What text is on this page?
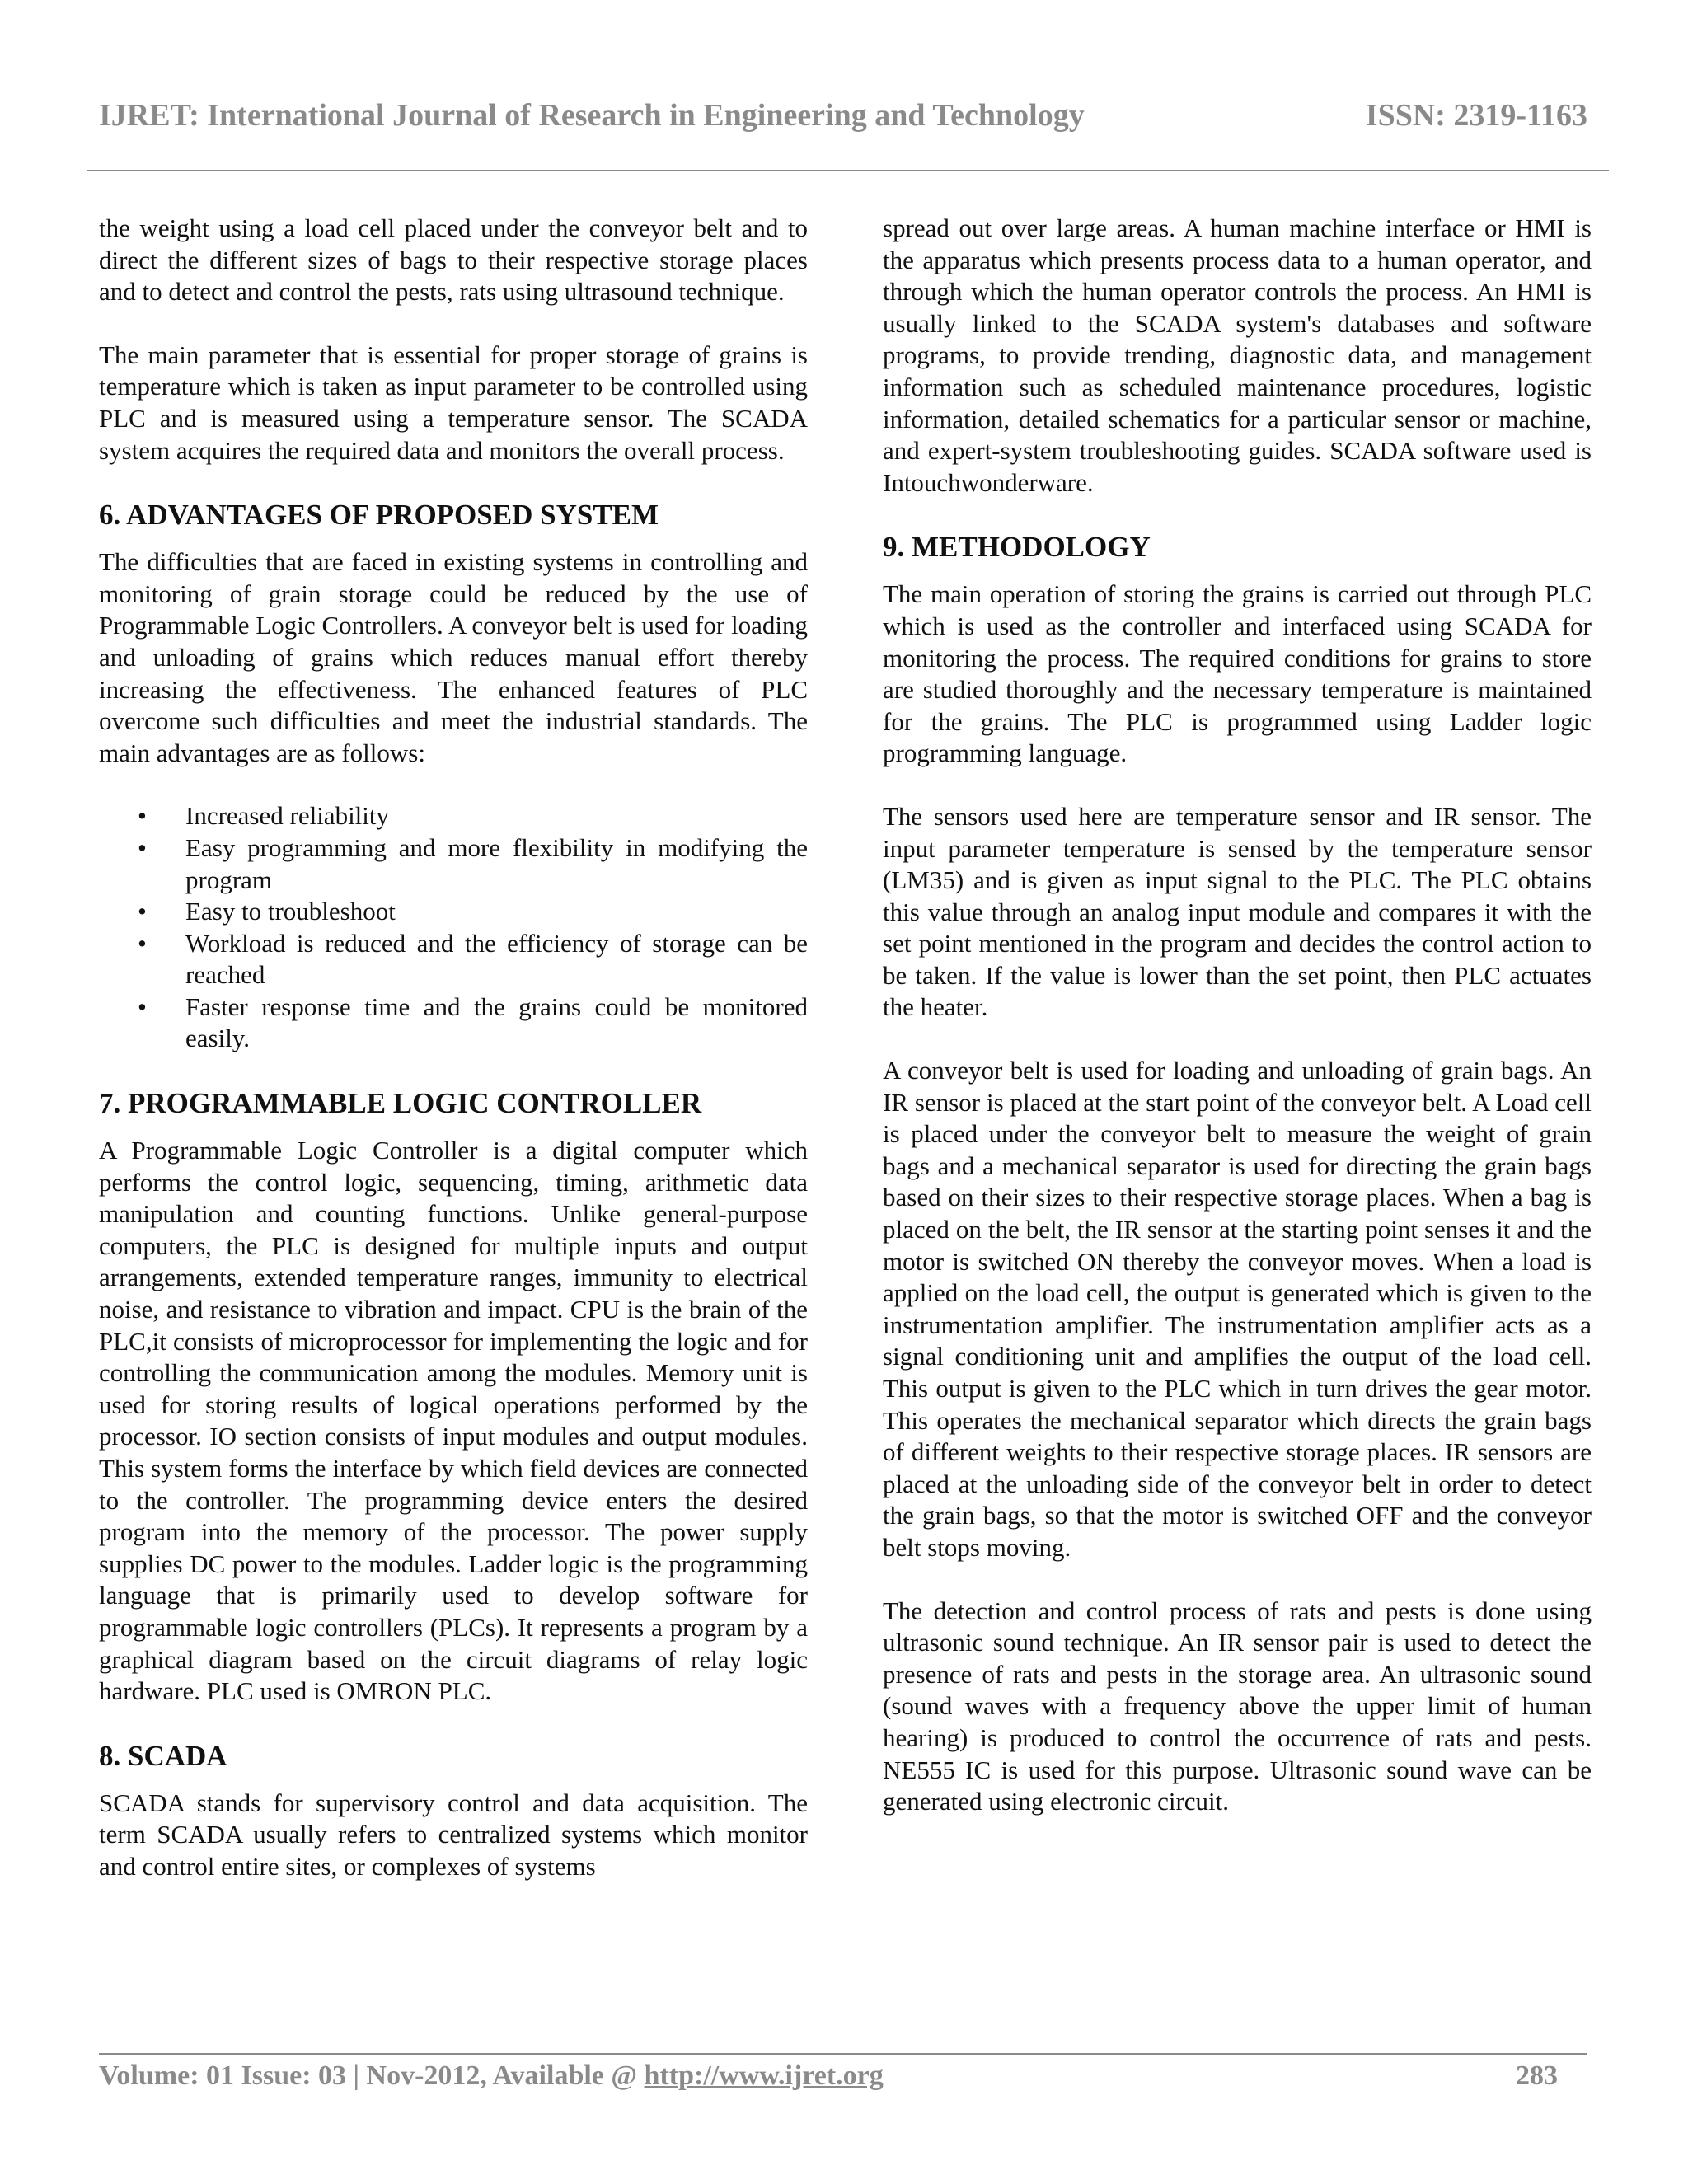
IJRET: International Journal of Research in Engineering and Technology	ISSN: 2319-1163

the weight using a load cell placed under the conveyor belt and to direct the different sizes of bags to their respective storage places and to detect and control the pests, rats using ultrasound technique.

The main parameter that is essential for proper storage of grains is temperature which is taken as input parameter to be controlled using PLC and is measured using a temperature sensor. The SCADA system acquires the required data and monitors the overall process.

6. ADVANTAGES OF PROPOSED SYSTEM

The difficulties that are faced in existing systems in controlling and monitoring of grain storage could be reduced by the use of Programmable Logic Controllers. A conveyor belt is used for loading and unloading of grains which reduces manual effort thereby increasing the effectiveness. The enhanced features of PLC overcome such difficulties and meet the industrial standards. The main advantages are as follows:

• Increased reliability
• Easy programming and more flexibility in modifying the program
• Easy to troubleshoot
• Workload is reduced and the efficiency of storage can be reached
• Faster response time and the grains could be monitored easily.
7. PROGRAMMABLE LOGIC CONTROLLER

A Programmable Logic Controller is a digital computer which performs the control logic, sequencing, timing, arithmetic data manipulation and counting functions. Unlike general-purpose computers, the PLC is designed for multiple inputs and output arrangements, extended temperature ranges, immunity to electrical noise, and resistance to vibration and impact. CPU is the brain of the PLC,it consists of microprocessor for implementing the logic and for controlling the communication among the modules. Memory unit is used for storing results of logical operations performed by the processor. IO section consists of input modules and output modules. This system forms the interface by which field devices are connected to the controller. The programming device enters the desired program into the memory of the processor. The power supply supplies DC power to the modules. Ladder logic is the programming language that is primarily used to develop software for programmable logic controllers (PLCs). It represents a program by a graphical diagram based on the circuit diagrams of relay logic hardware. PLC used is OMRON PLC.

8. SCADA

SCADA stands for supervisory control and data acquisition. The term SCADA usually refers to centralized systems which monitor and control entire sites, or complexes of systems

spread out over large areas. A human machine interface or HMI is the apparatus which presents process data to a human operator, and through which the human operator controls the process. An HMI is usually linked to the SCADA system's databases and software programs, to provide trending, diagnostic data, and management information such as scheduled maintenance procedures, logistic information, detailed schematics for a particular sensor or machine, and expert-system troubleshooting guides. SCADA software used is Intouchwonderware.

9. METHODOLOGY

The main operation of storing the grains is carried out through PLC which is used as the controller and interfaced using SCADA for monitoring the process. The required conditions for grains to store are studied thoroughly and the necessary temperature is maintained for the grains. The PLC is programmed using Ladder logic programming language.

The sensors used here are temperature sensor and IR sensor. The input parameter temperature is sensed by the temperature sensor (LM35) and is given as input signal to the PLC. The PLC obtains this value through an analog input module and compares it with the set point mentioned in the program and decides the control action to be taken. If the value is lower than the set point, then PLC actuates the heater.

A conveyor belt is used for loading and unloading of grain bags. An IR sensor is placed at the start point of the conveyor belt. A Load cell is placed under the conveyor belt to measure the weight of grain bags and a mechanical separator is used for directing the grain bags based on their sizes to their respective storage places. When a bag is placed on the belt, the IR sensor at the starting point senses it and the motor is switched ON thereby the conveyor moves. When a load is applied on the load cell, the output is generated which is given to the instrumentation amplifier. The instrumentation amplifier acts as a signal conditioning unit and amplifies the output of the load cell. This output is given to the PLC which in turn drives the gear motor. This operates the mechanical separator which directs the grain bags of different weights to their respective storage places. IR sensors are placed at the unloading side of the conveyor belt in order to detect the grain bags, so that the motor is switched OFF and the conveyor belt stops moving.

The detection and control process of rats and pests is done using ultrasonic sound technique. An IR sensor pair is used to detect the presence of rats and pests in the storage area. An ultrasonic sound (sound waves with a frequency above the upper limit of human hearing) is produced to control the occurrence of rats and pests. NE555 IC is used for this purpose. Ultrasonic sound wave can be generated using electronic circuit.

Volume: 01 Issue: 03 | Nov-2012, Available @ http://www.ijret.org	283
